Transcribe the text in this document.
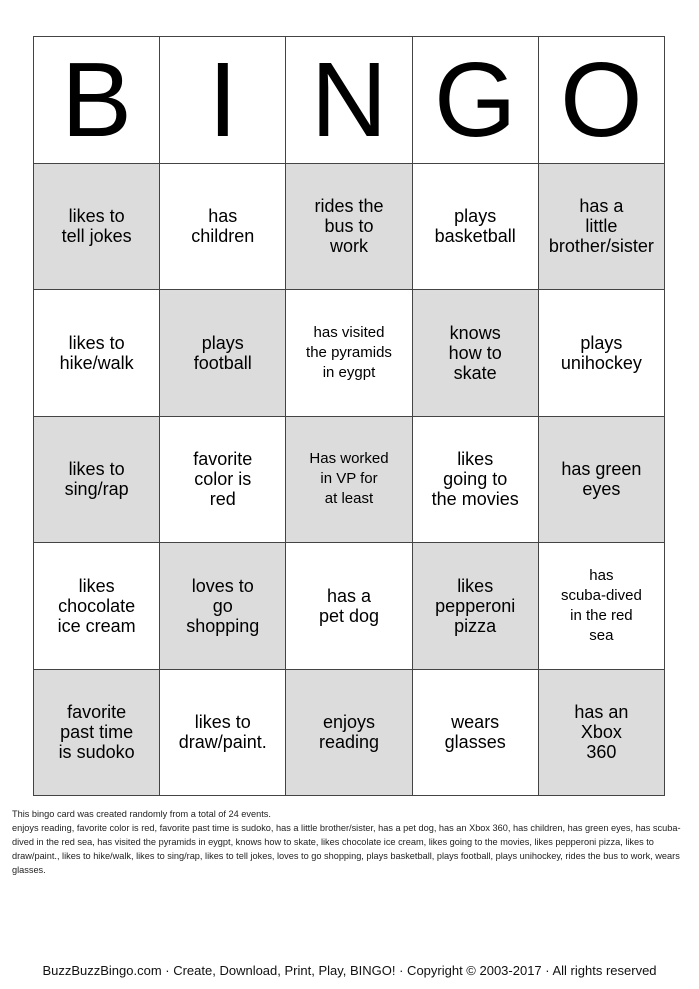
B I N G O
likes to
tell jokes
has
children
rides the
bus to
work
plays
basketball
has a
little
brother/sister
likes to
hike/walk
plays
football
has visited
the pyramids
in eygpt
knows
how to
skate
plays
unihockey
likes to
sing/rap
favorite
color is
red
Has worked
in VP for
at least
likes
going to
the movies
has green
eyes
likes
chocolate
ice cream
loves to
go
shopping
has a
pet dog
likes
pepperoni
pizza
has
scuba-dived
in the red
sea
favorite
past time
is sudoko
likes to
draw/paint.
enjoys
reading
wears
glasses
has an
Xbox
360

This bingo card was created randomly from a total of 24 events.

enjoys reading, favorite color is red, favorite past time is sudoko, has a little brother/sister, has a pet dog, has an Xbox 360, has children, has green eyes, has scuba-dived in the red sea, has visited the pyramids in eygpt, knows how to skate, likes chocolate ice cream, likes going to the movies, likes pepperoni pizza, likes to draw/paint., likes to hike/walk, likes to sing/rap, likes to tell jokes, loves to go shopping, plays basketball, plays football, plays unihockey, rides the bus to work, wears glasses.

BuzzBuzzBingo.com · Create, Download, Print, Play, BINGO! · Copyright © 2003-2017 · All rights reserved
